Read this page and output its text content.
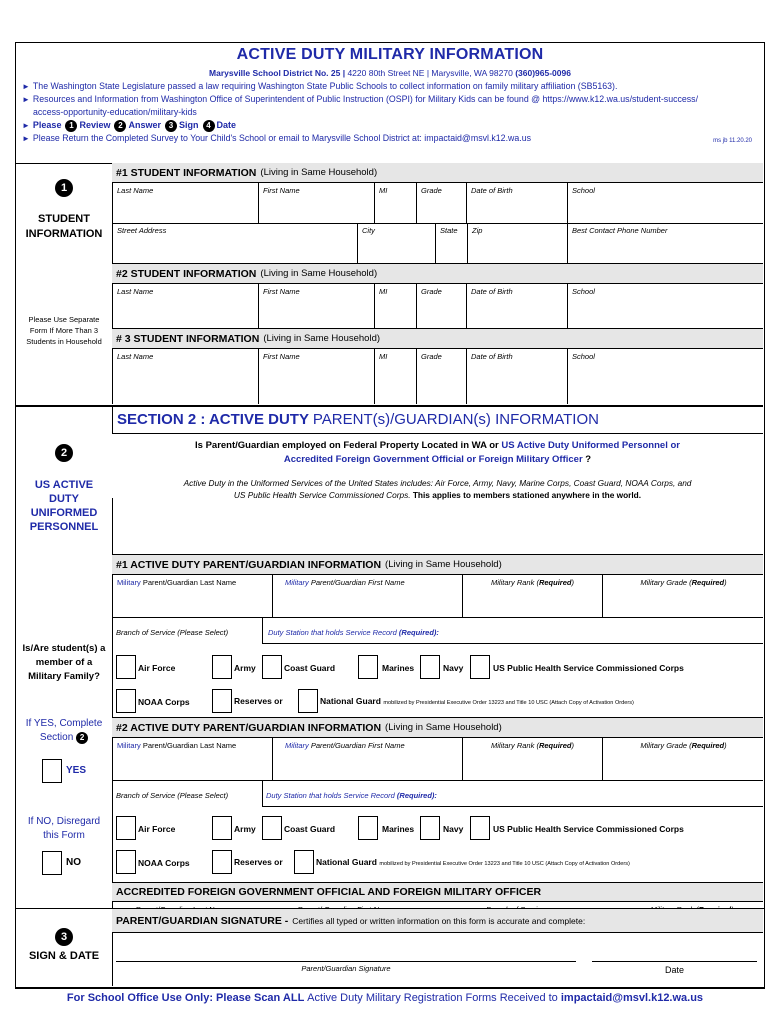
ACTIVE DUTY MILITARY INFORMATION
Marysville School District No. 25 | 4220 80th Street NE | Marysville, WA 98270 (360)965-0096
► The Washington State Legislature passed a law requiring Washington State Public Schools to collect information on family military affiliation (SB5163).
► Resources and Information from Washington Office of Superintendent of Public Instruction (OSPI) for Military Kids can be found @ https://www.k12.wa.us/student-success/
access-opportunity-education/military-kids
► Please 1 Review 2 Answer 3 Sign 4 Date
► Please Return the Completed Survey to Your Child's School or email to Marysville School District at: impactaid@msvl.k12.wa.us	ms jb 11.20.20
1
STUDENT
INFORMATION
Please Use Separate
Form If More Than 3
Students in Household
#1 STUDENT INFORMATION (Living in Same Household)
Last Name	First Name	MI	Grade	Date of Birth	School
Street Address	City	State	Zip	Best Contact Phone Number
#2 STUDENT INFORMATION (Living in Same Household)
Last Name	First Name	MI	Grade	Date of Birth	School
# 3 STUDENT INFORMATION (Living in Same Household)
Last Name	First Name	MI	Grade	Date of Birth	School
SECTION 2 : ACTIVE DUTY PARENT(s)/GUARDIAN(s) INFORMATION
Is Parent/Guardian employed on Federal Property Located in WA or US Active Duty Uniformed Personnel or
Accredited Foreign Government Official or Foreign Military Officer ?
Active Duty in the Uniformed Services of the United States includes: Air Force, Army, Navy, Marine Corps, Coast Guard, NOAA Corps, and
US Public Health Service Commissioned Corps. This applies to members stationed anywhere in the world.
2
US ACTIVE
DUTY
UNIFORMED
PERSONNEL
Is/Are student(s) a
member of a
Military Family?
If YES, Complete
Section 2
YES
If NO, Disregard
this Form
NO
#1 ACTIVE DUTY PARENT/GUARDIAN INFORMATION (Living in Same Household)
Military Parent/Guardian Last Name	Military Parent/Guardian First Name	Military Rank (Required)	Military Grade (Required)
Branch of Service (Please Select)	Duty Station that holds Service Record (Required):
Air Force	Army	Coast Guard	Marines	Navy	US Public Health Service Commissioned Corps
NOAA Corps	Reserves or	National Guard mobilized by Presidential Executive Order 13223 and Title 10 USC (Attach Copy of Activation Orders)
#2 ACTIVE DUTY PARENT/GUARDIAN INFORMATION (Living in Same Household)
Military Parent/Guardian Last Name	Military Parent/Guardian First Name	Military Rank (Required)	Military Grade (Required)
Branch of Service (Please Select)	Duty Station that holds Service Record (Required):
Air Force	Army	Coast Guard	Marines	Navy	US Public Health Service Commissioned Corps
NOAA Corps	Reserves or	National Guard mobilized by Presidential Executive Order 13223 and Title 10 USC (Attach Copy of Activation Orders)
ACCREDITED FOREIGN GOVERNMENT OFFICIAL AND FOREIGN MILITARY OFFICER
3
SIGN & DATE
PARENT/GUARDIAN SIGNATURE - Certifies all typed or written information on this form is accurate and complete:
Parent/Guardian Signature	Date
For School Office Use Only: Please Scan ALL Active Duty Military Registration Forms Received to impactaid@msvl.k12.wa.us
